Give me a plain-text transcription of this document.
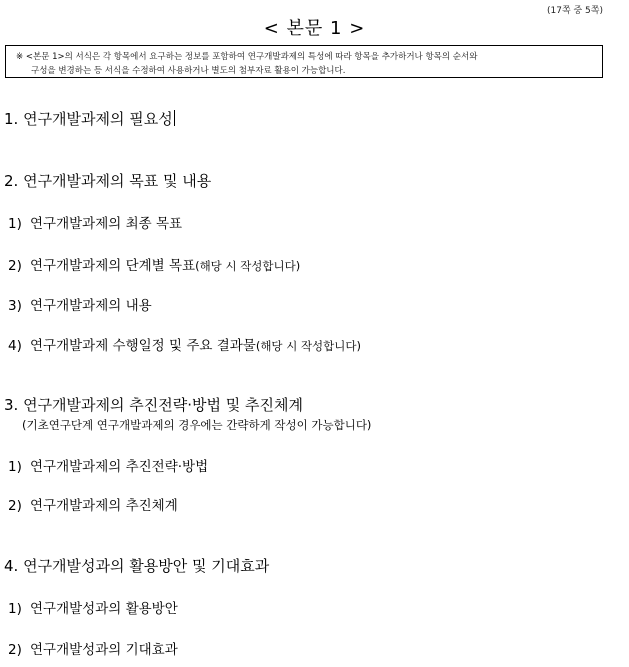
(17쪽 중 5쪽)
< 본문 1 >
※ <본문 1>의 서식은 각 항목에서 요구하는 정보를 포함하여 연구개발과제의 특성에 따라 항목을 추가하거나 항목의 순서와
구성을 변경하는 등 서식을 수정하여 사용하거나 별도의 첨부자료 활용이 가능합니다.
1. 연구개발과제의 필요성
2. 연구개발과제의 목표 및 내용
1) 연구개발과제의 최종 목표
2) 연구개발과제의 단계별 목표(해당 시 작성합니다)
3) 연구개발과제의 내용
4) 연구개발과제 수행일정 및 주요 결과물(해당 시 작성합니다)
3. 연구개발과제의 추진전략·방법 및 추진체계
(기초연구단계 연구개발과제의 경우에는 간략하게 작성이 가능합니다)
1) 연구개발과제의 추진전략·방법
2) 연구개발과제의 추진체계
4. 연구개발성과의 활용방안 및 기대효과
1) 연구개발성과의 활용방안
2) 연구개발성과의 기대효과
